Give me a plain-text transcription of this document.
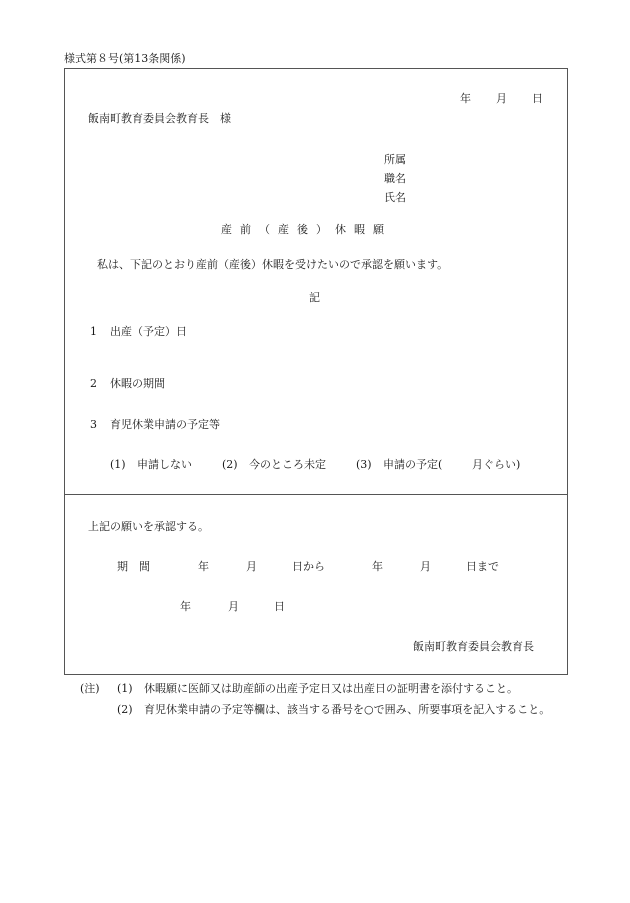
様式第８号(第13条関係)
年 月 日
飯南町教育委員会教育長　様
所属
職名
氏名
産前（産後）休暇願
私は、下記のとおり産前（産後）休暇を受けたいので承認を願います。
記
1 出産（予定）日
2 休暇の期間
3 育児休業申請の予定等
(1) 申請しない	(2) 今のところ未定	(3) 申請の予定(	月ぐらい)
上記の願いを承認する。
期　間	年	月	日から	年	月	日まで
年	月	日
飯南町教育委員会教育長
(注) (1) 休暇願に医師又は助産師の出産予定日又は出産日の証明書を添付すること。
(2) 育児休業申請の予定等欄は、該当する番号を○で囲み、所要事項を記入すること。
